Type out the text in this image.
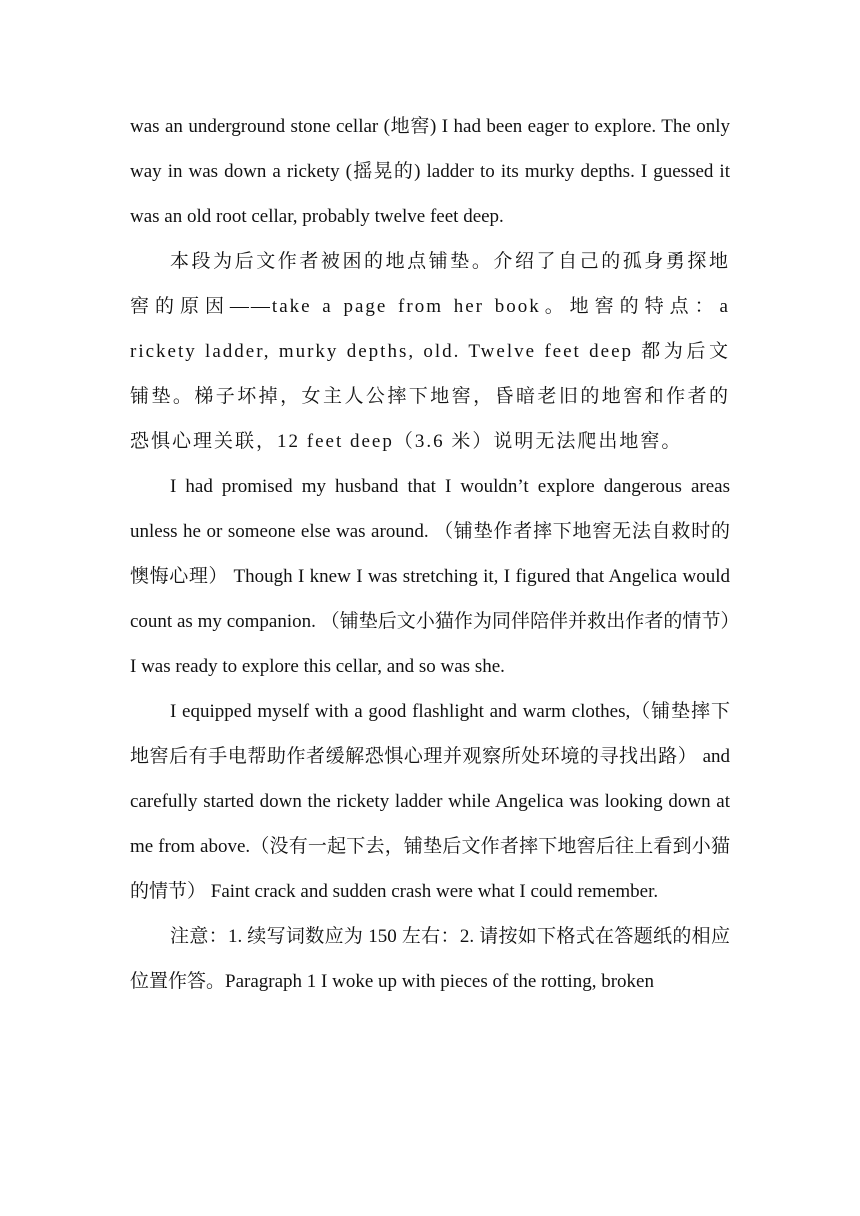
was an underground stone cellar (地窖) I had been eager to explore. The only way in was down a rickety (摇晃的) ladder to its murky depths. I guessed it was an old root cellar, probably twelve feet deep.

本段为后文作者被困的地点铺垫。介绍了自己的孤身勇探地窖的原因——take a page from her book。地窖的特点：a rickety ladder, murky depths, old. Twelve feet deep 都为后文铺垫。梯子坏掉，女主人公摔下地窖，昏暗老旧的地窖和作者的恐惧心理关联，12 feet deep（3.6 米）说明无法爬出地窖。

I had promised my husband that I wouldn’t explore dangerous areas unless he or someone else was around. （铺垫作者摔下地窖无法自救时的懊悔心理） Though I knew I was stretching it, I figured that Angelica would count as my companion. （铺垫后文小猫作为同伴陪伴并救出作者的情节）I was ready to explore this cellar, and so was she.

I equipped myself with a good flashlight and warm clothes,（铺垫摔下地窖后有手电帮助作者缓解恐惧心理并观察所处环境的寻找出路） and carefully started down the rickety ladder while Angelica was looking down at me from above.（没有一起下去，铺垫后文作者摔下地窖后往上看到小猫的情节） Faint crack and sudden crash were what I could remember.

注意：1. 续写词数应为 150 左右：2. 请按如下格式在答题纸的相应位置作答。Paragraph 1 I woke up with pieces of the rotting, broken
